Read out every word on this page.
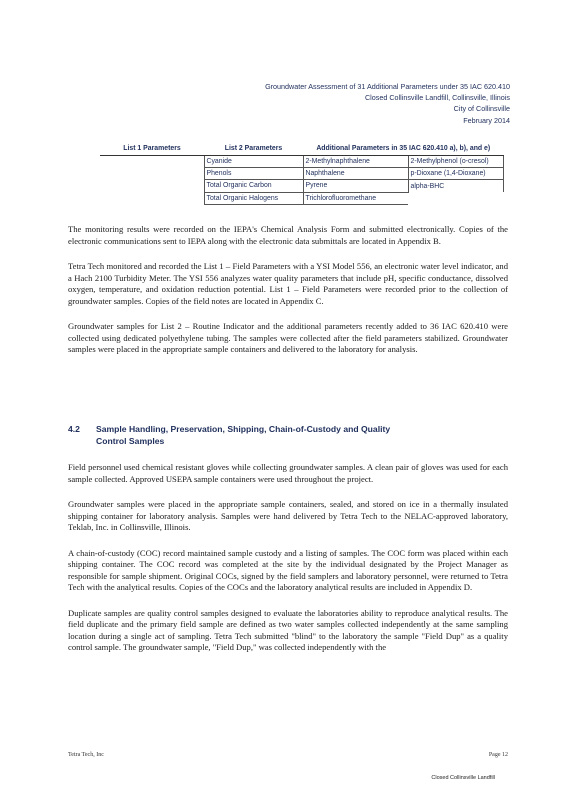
Groundwater Assessment of 31 Additional Parameters under 35 IAC 620.410
Closed Collinsville Landfill, Collinsville, Illinois
City of Collinsville
February 2014
List 1 Parameters	List 2 Parameters	Additional Parameters in 35 IAC 620.410 a), b), and e)	
	Cyanide	2-Methylnaphthalene	2-Methylphenol (o-cresol)
	Phenols	Naphthalene	p-Dioxane (1,4-Dioxane)
	Total Organic Carbon	Pyrene	alpha-BHC
	Total Organic Halogens	Trichlorofluoromethane	

The monitoring results were recorded on the IEPA's Chemical Analysis Form and submitted electronically. Copies of the electronic communications sent to IEPA along with the electronic data submittals are located in Appendix B.

Tetra Tech monitored and recorded the List 1 – Field Parameters with a YSI Model 556, an electronic water level indicator, and a Hach 2100 Turbidity Meter. The YSI 556 analyzes water quality parameters that include pH, specific conductance, dissolved oxygen, temperature, and oxidation reduction potential. List 1 – Field Parameters were recorded prior to the collection of groundwater samples. Copies of the field notes are located in Appendix C.

Groundwater samples for List 2 – Routine Indicator and the additional parameters recently added to 36 IAC 620.410 were collected using dedicated polyethylene tubing. The samples were collected after the field parameters stabilized. Groundwater samples were placed in the appropriate sample containers and delivered to the laboratory for analysis.

4.2 Sample Handling, Preservation, Shipping, Chain-of-Custody and Quality
Control Samples

Field personnel used chemical resistant gloves while collecting groundwater samples. A clean pair of gloves was used for each sample collected. Approved USEPA sample containers were used throughout the project.

Groundwater samples were placed in the appropriate sample containers, sealed, and stored on ice in a thermally insulated shipping container for laboratory analysis. Samples were hand delivered by Tetra Tech to the NELAC-approved laboratory, Teklab, Inc. in Collinsville, Illinois.

A chain-of-custody (COC) record maintained sample custody and a listing of samples. The COC form was placed within each shipping container. The COC record was completed at the site by the individual designated by the Project Manager as responsible for sample shipment. Original COCs, signed by the field samplers and laboratory personnel, were returned to Tetra Tech with the analytical results. Copies of the COCs and the laboratory analytical results are included in Appendix D.

Duplicate samples are quality control samples designed to evaluate the laboratories ability to reproduce analytical results. The field duplicate and the primary field sample are defined as two water samples collected independently at the same sampling location during a single act of sampling. Tetra Tech submitted "blind" to the laboratory the sample "Field Dup" as a quality control sample. The groundwater sample, "Field Dup," was collected independently with the

Tetra Tech, Inc	Page 12
Closed Collinsville Landfill
